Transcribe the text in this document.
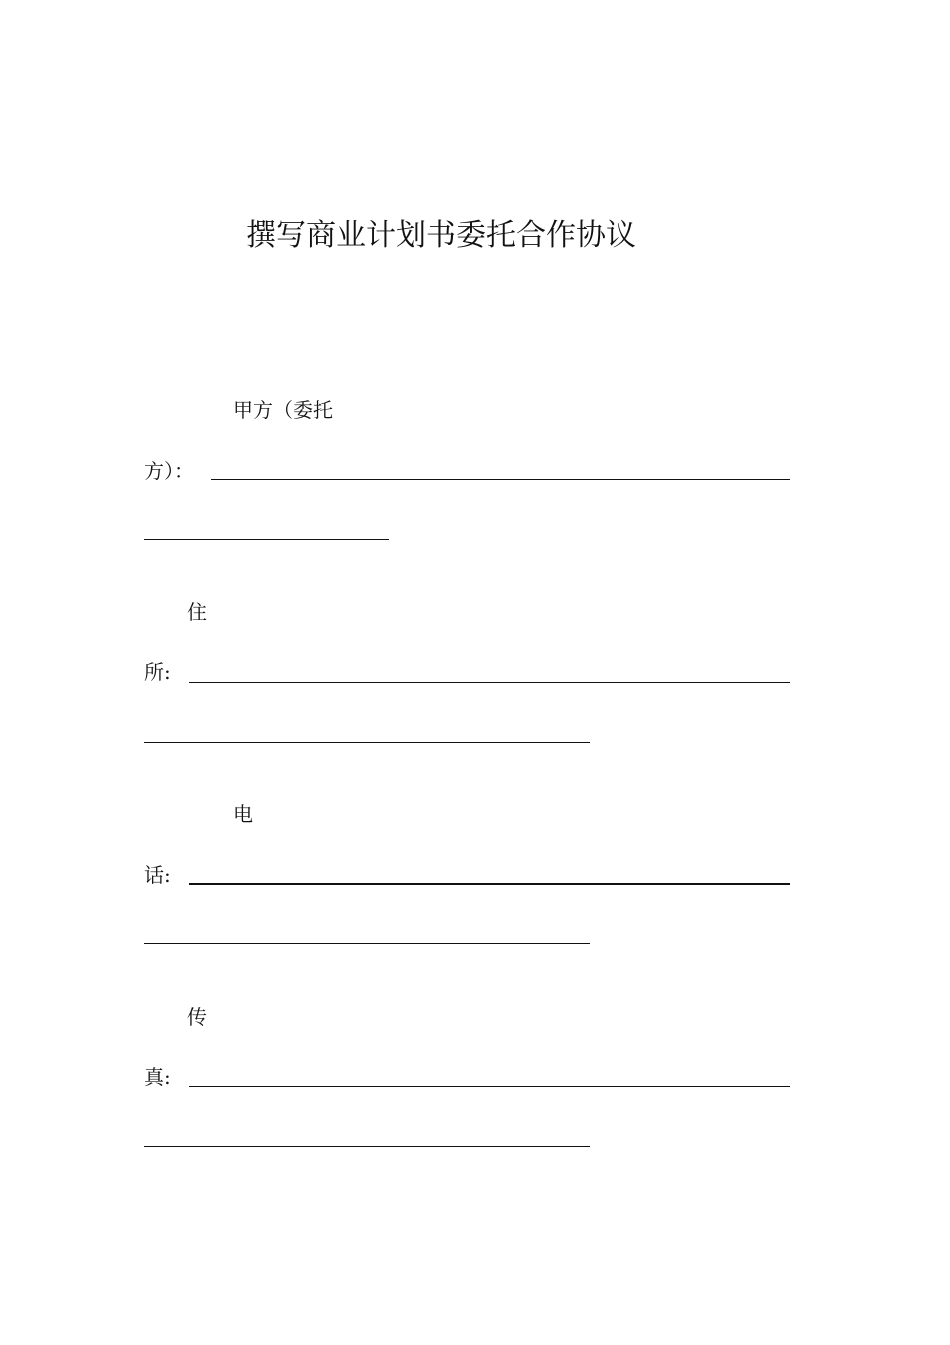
撰写商业计划书委托合作协议
甲方（委托
方）：
住
所:
电
话:
传
真:
